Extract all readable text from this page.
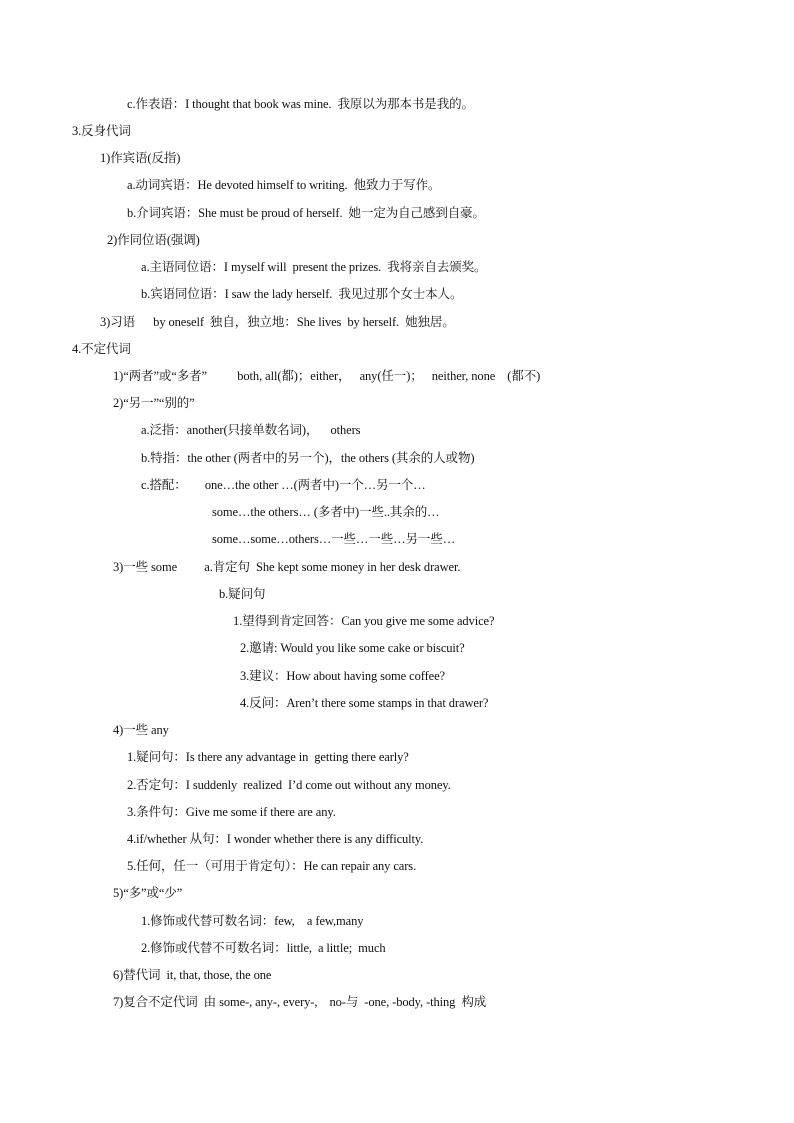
c.作表语：I thought that book was mine.  我原以为那本书是我的。
3.反身代词
1)作宾语(反指)
a.动词宾语：He devoted himself to writing.  他致力于写作。
b.介词宾语：She must be proud of herself.  她一定为自己感到自豪。
2)作同位语(强调)
a.主语同位语：I myself will  present the prizes.  我将亲自去颁奖。
b.宾语同位语：I saw the lady herself.  我见过那个女士本人。
3)习语      by oneself  独自，独立地：She lives  by herself.  她独居。
4.不定代词
1)“两者”或“多者”          both, all(都)；either，   any(任一)；   neither, none    (都不)
2)“另一”“别的”
a.泛指：another(只接单数名词)，    others
b.特指：the other (两者中的另一个)，the others (其余的人或物)
c.搭配：      one…the other …(两者中)一个…另一个…
some…the others… (多者中)一些..其余的…
some…some…others…一些…一些…另一些…
3)一些 some         a.肯定句  She kept some money in her desk drawer.
b.疑问句
1.望得到肯定回答：Can you give me some advice?
2.邀请: Would you like some cake or biscuit?
3.建议：How about having some coffee?
4.反问：Aren’t there some stamps in that drawer?
4)一些 any
1.疑问句：Is there any advantage in  getting there early?
2.否定句：I suddenly  realized  I’d come out without any money.
3.条件句：Give me some if there are any.
4.if/whether 从句：I wonder whether there is any difficulty.
5.任何，任一（可用于肯定句）：He can repair any cars.
5)“多”或“少”
1.修饰或代替可数名词：few,    a few,many
2.修饰或代替不可数名词：little,  a little;  much
6)替代词  it, that, those, the one
7)复合不定代词  由 some-, any-, every-,    no-与  -one, -body, -thing  构成
